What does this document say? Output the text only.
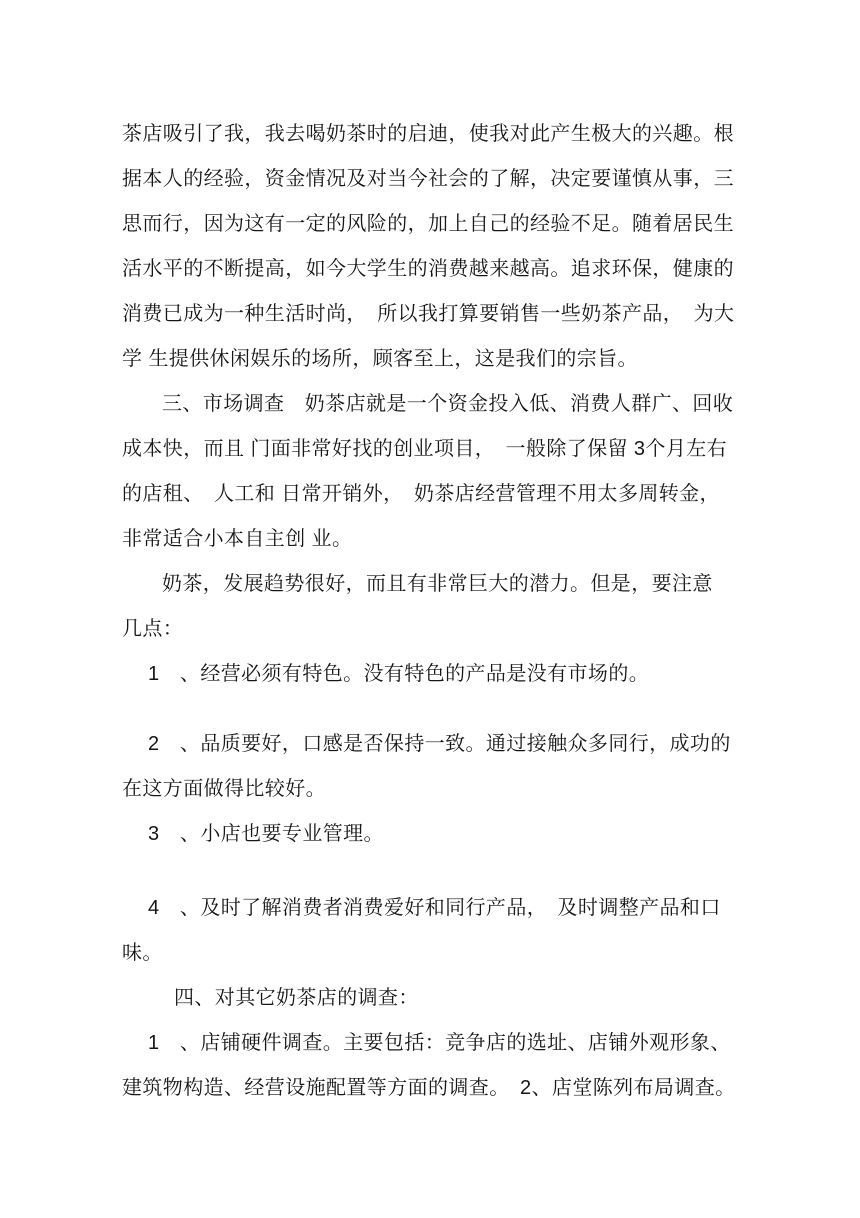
茶店吸引了我，我去喝奶茶时的启迪，使我对此产生极大的兴趣。根
据本人的经验，资金情况及对当今社会的了解，决定要谨慎从事，三
思而行，因为这有一定的风险的，加上自己的经验不足。随着居民生
活水平的不断提高，如今大学生的消费越来越高。追求环保，健康的
消费已成为一种生活时尚，　所以我打算要销售一些奶茶产品，　为大
学 生提供休闲娱乐的场所，顾客至上，这是我们的宗旨。
三、市场调查　奶茶店就是一个资金投入低、消费人群广、回收
成本快，而且 门面非常好找的创业项目，　一般除了保留 3个月左右
的店租、　人工和 日常开销外，　奶茶店经营管理不用太多周转金，
非常适合小本自主创 业。
奶茶，发展趋势很好，而且有非常巨大的潜力。但是，要注意
几点：
1　、经营必须有特色。没有特色的产品是没有市场的。
2　、品质要好，口感是否保持一致。通过接触众多同行，成功的
在这方面做得比较好。
3　、小店也要专业管理。
4　、及时了解消费者消费爱好和同行产品，　及时调整产品和口
味。
四、对其它奶茶店的调查：
1　、店铺硬件调查。主要包括：竞争店的选址、店铺外观形象、
建筑物构造、经营设施配置等方面的调查。　2、店堂陈列布局调查。
